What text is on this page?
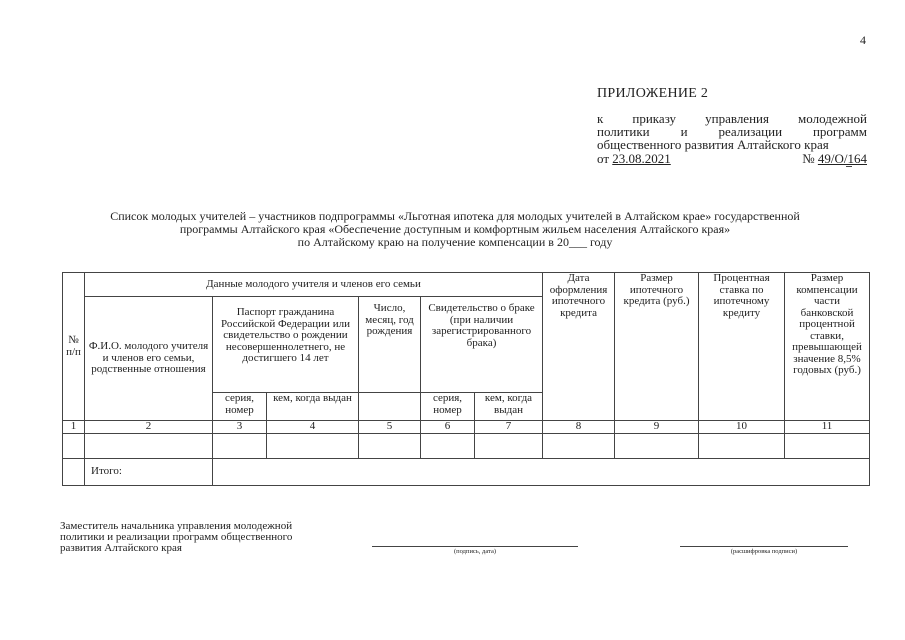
4
ПРИЛОЖЕНИЕ 2
к приказу управления молодежной
политики и реализации программ
общественного развития Алтайского края
от 23.08.2021	№ 49/О/164
Список молодых учителей – участников подпрограммы «Льготная ипотека для молодых учителей в Алтайском крае» государственной
программы Алтайского края «Обеспечение доступным и комфортным жильем населения Алтайского края»
по Алтайскому краю на получение компенсации в 20___ году
№ п/п	Данные молодого учителя и членов его семьи						Дата оформления ипотечного кредита	Размер ипотечного кредита (руб.)	Процентная ставка по ипотечному кредиту	Размер компенсации части банковской процентной ставки, превышающей значение 8,5% годовых (руб.)
	Ф.И.О. молодого учителя и членов его семьи, родственные отношения	Паспорт гражданина Российской Федерации или свидетельство о рождении несовершеннолетнего, не достигшего 14 лет		Число, месяц, год рождения	Свидетельство о браке (при наличии зарегистрированного брака)					
		серия, номер	кем, когда выдан		серия, номер	кем, когда выдан				
1	2	3	4	5	6	7	8	9	10	11

	Итого:									
Заместитель начальника управления молодежной политики и реализации программ общественного развития Алтайского края	(подпись, дата)	(расшифровка подписи)
